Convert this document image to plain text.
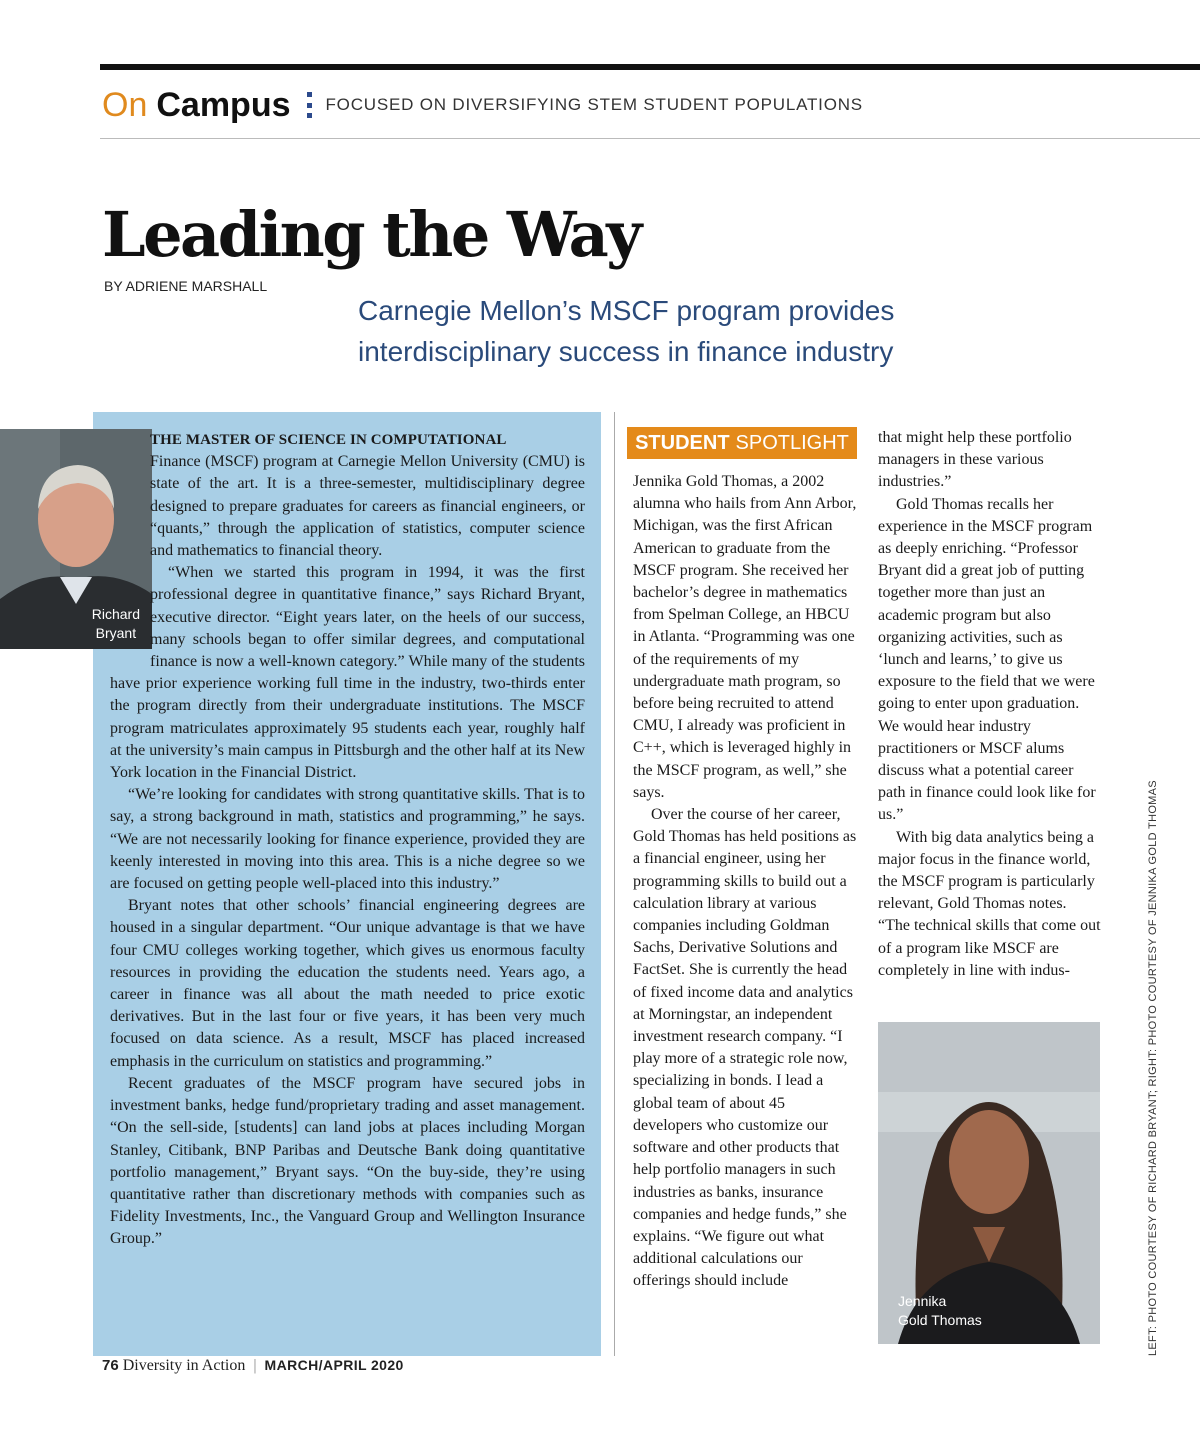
On Campus FOCUSED ON DIVERSIFYING STEM STUDENT POPULATIONS
Leading the Way
BY ADRIENE MARSHALL
Carnegie Mellon’s MSCF program provides interdisciplinary success in finance industry
Richard
Bryant

THE MASTER OF SCIENCE IN COMPUTATIONAL
Finance (MSCF) program at Carnegie Mellon University (CMU) is state of the art. It is a three-semester, multidisciplinary degree designed to prepare graduates for careers as financial engineers, or “quants,” through the application of statistics, computer science and mathematics to financial theory.

“When we started this program in 1994, it was the first professional degree in quantitative finance,” says Richard Bryant, executive director. “Eight years later, on the heels of our success, many schools began to offer similar degrees, and computational finance is now a well-known category.” While many of the students have prior experience working full time in the industry, two-thirds enter the program directly from their undergraduate institutions. The MSCF program matriculates approximately 95 students each year, roughly half at the university’s main campus in Pittsburgh and the other half at its New York location in the Financial District.

“We’re looking for candidates with strong quantitative skills. That is to say, a strong background in math, statistics and programming,” he says. “We are not necessarily looking for finance experience, provided they are keenly interested in moving into this area. This is a niche degree so we are focused on getting people well-placed into this industry.”

Bryant notes that other schools’ financial engineering degrees are housed in a singular department. “Our unique advantage is that we have four CMU colleges working together, which gives us enormous faculty resources in providing the education the students need. Years ago, a career in finance was all about the math needed to price exotic derivatives. But in the last four or five years, it has been very much focused on data science. As a result, MSCF has placed increased emphasis in the curriculum on statistics and programming.”

Recent graduates of the MSCF program have secured jobs in investment banks, hedge fund/proprietary trading and asset management. “On the sell-side, [students] can land jobs at places including Morgan Stanley, Citibank, BNP Paribas and Deutsche Bank doing quantitative portfolio management,” Bryant says. “On the buy-side, they’re using quantitative rather than discretionary methods with companies such as Fidelity Investments, Inc., the Vanguard Group and Wellington Insurance Group.”

STUDENT SPOTLIGHT

Jennika Gold Thomas, a 2002 alumna who hails from Ann Arbor, Michigan, was the first African American to graduate from the MSCF program. She received her bachelor’s degree in mathematics from Spelman College, an HBCU in Atlanta. “Programming was one of the requirements of my undergraduate math program, so before being recruited to attend CMU, I already was proficient in C++, which is leveraged highly in the MSCF program, as well,” she says.

Over the course of her career, Gold Thomas has held positions as a financial engineer, using her programming skills to build out a calculation library at various companies including Goldman Sachs, Derivative Solutions and FactSet. She is currently the head of fixed income data and analytics at Morningstar, an independent investment research company. “I play more of a strategic role now, specializing in bonds. I lead a global team of about 45 developers who customize our software and other products that help portfolio managers in such industries as banks, insurance companies and hedge funds,” she explains. “We figure out what additional calculations our offerings should include

that might help these portfolio managers in these various industries.”

Gold Thomas recalls her experience in the MSCF program as deeply enriching. “Professor Bryant did a great job of putting together more than just an academic program but also organizing activities, such as ‘lunch and learns,’ to give us exposure to the field that we were going to enter upon graduation. We would hear industry practitioners or MSCF alums discuss what a potential career path in finance could look like for us.”

With big data analytics being a major focus in the finance world, the MSCF program is particularly relevant, Gold Thomas notes. “The technical skills that come out of a program like MSCF are completely in line with indus-

Jennika
Gold Thomas	LEFT: PHOTO COURTESY OF RICHARD BRYANT; RIGHT: PHOTO COURTESY OF JENNIKA GOLD THOMAS
76 Diversity in Action | MARCH/APRIL 2020
